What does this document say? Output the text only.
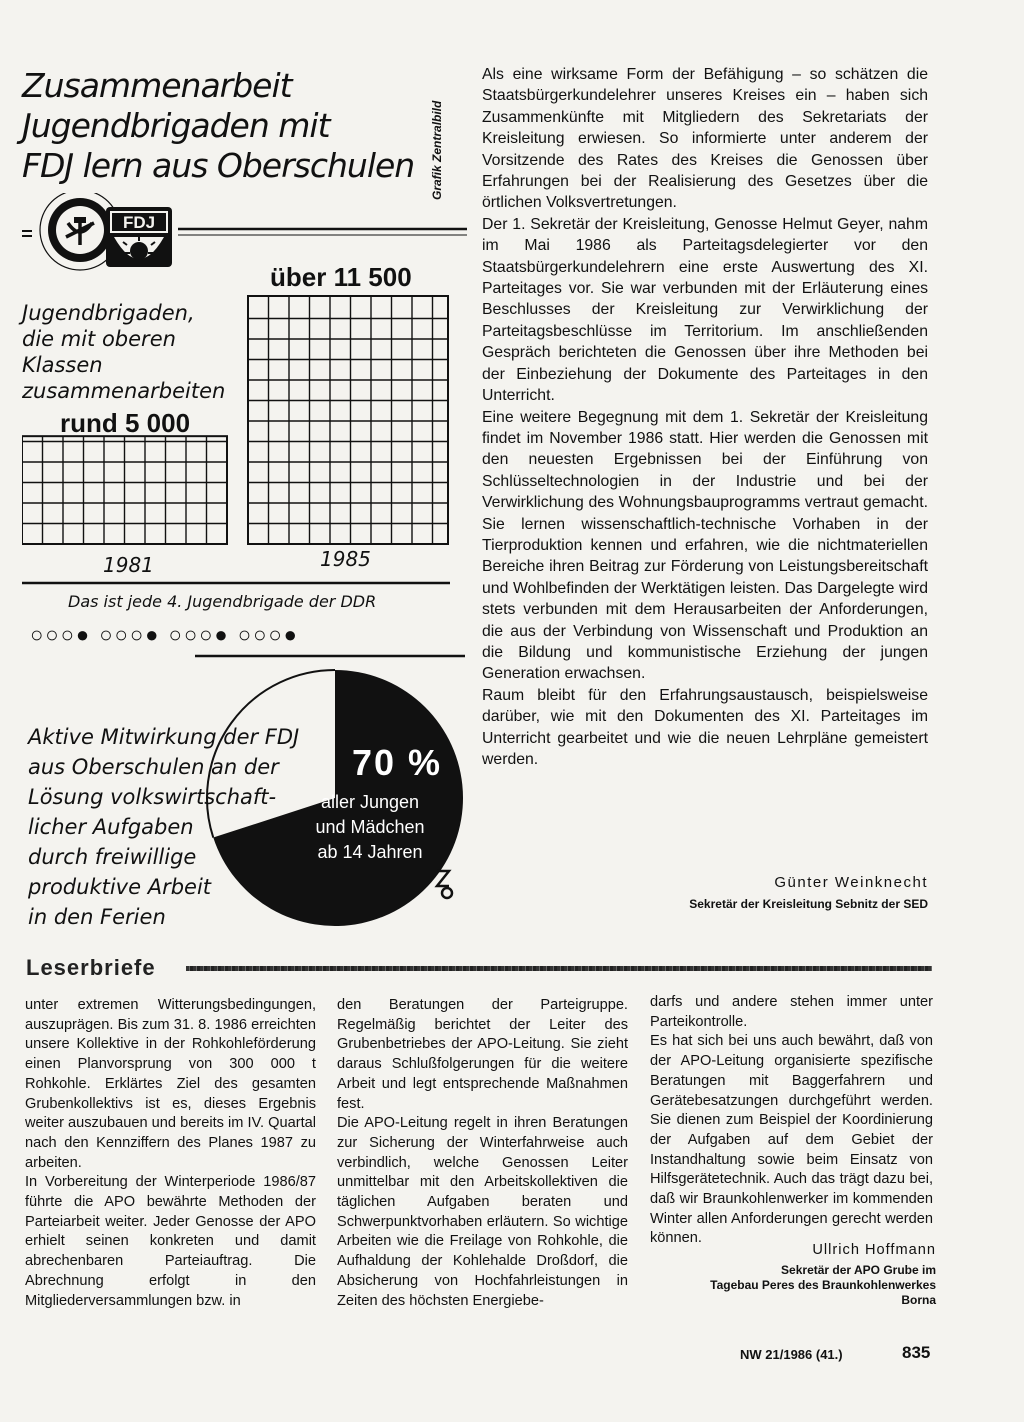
Zusammenarbeit
Jugendbrigaden mit
FDJ lern aus Oberschulen	Grafik Zentralbild
FDJ
Jugendbrigaden,
die mit oberen
Klassen
zusammenarbeiten
über 11 500
rund 5 000
1981	1985
Das ist jede 4. Jugendbrigade der DDR
○○○● ○○○● ○○○● ○○○●
Aktive Mitwirkung der FDJ
aus Oberschulen an der
Lösung volkswirtschaft-
licher Aufgaben
durch freiwillige
produktive Arbeit
in den Ferien
70 %
aller Jungen
und Mädchen
ab 14 Jahren

Als eine wirksame Form der Befähigung – so schätzen die Staatsbürgerkundelehrer unseres Kreises ein – haben sich Zusammenkünfte mit Mitgliedern des Sekretariats der Kreisleitung erwiesen. So informierte unter anderem der Vorsitzende des Rates des Kreises die Genossen über Erfahrungen bei der Realisierung des Gesetzes über die örtlichen Volksvertretungen.

Der 1. Sekretär der Kreisleitung, Genosse Helmut Geyer, nahm im Mai 1986 als Parteitagsdelegierter vor den Staatsbürgerkundelehrern eine erste Auswertung des XI. Parteitages vor. Sie war verbunden mit der Erläuterung eines Beschlusses der Kreisleitung zur Verwirklichung der Parteitagsbeschlüsse im Territorium. Im anschließenden Gespräch berichteten die Genossen über ihre Methoden bei der Einbeziehung der Dokumente des Parteitages in den Unterricht.

Eine weitere Begegnung mit dem 1. Sekretär der Kreisleitung findet im November 1986 statt. Hier werden die Genossen mit den neuesten Ergebnissen bei der Einführung von Schlüsseltechnologien in der Industrie und bei der Verwirklichung des Wohnungsbauprogramms vertraut gemacht. Sie lernen wissenschaftlich-technische Vorhaben in der Tierproduktion kennen und erfahren, wie die nichtmateriellen Bereiche ihren Beitrag zur Förderung von Leistungsbereitschaft und Wohlbefinden der Werktätigen leisten. Das Dargelegte wird stets verbunden mit dem Herausarbeiten der Anforderungen, die aus der Verbindung von Wissenschaft und Produktion an die Bildung und kommunistische Erziehung der jungen Generation erwachsen.

Raum bleibt für den Erfahrungsaustausch, beispielsweise darüber, wie mit den Dokumenten des XI. Parteitages im Unterricht gearbeitet und wie die neuen Lehrpläne gemeistert werden.

Günter Weinknecht
Sekretär der Kreisleitung Sebnitz der SED
Leserbriefe

unter extremen Witterungsbedingungen, auszuprägen. Bis zum 31. 8. 1986 erreichten unsere Kollektive in der Rohkohleförderung einen Planvorsprung von 300 000 t Rohkohle. Erklärtes Ziel des gesamten Grubenkollektivs ist es, dieses Ergebnis weiter auszubauen und bereits im IV. Quartal nach den Kennziffern des Planes 1987 zu arbeiten.

In Vorbereitung der Winterperiode 1986/87 führte die APO bewährte Methoden der Parteiarbeit weiter. Jeder Genosse der APO erhielt seinen konkreten und damit abrechenbaren Parteiauftrag. Die Abrechnung erfolgt in den Mitgliederversammlungen bzw. in

den Beratungen der Parteigruppe. Regelmäßig berichtet der Leiter des Grubenbetriebes der APO-Leitung. Sie zieht daraus Schlußfolgerungen für die weitere Arbeit und legt entsprechende Maßnahmen fest.

Die APO-Leitung regelt in ihren Beratungen zur Sicherung der Winterfahrweise auch verbindlich, welche Genossen Leiter unmittelbar mit den Arbeitskollektiven die täglichen Aufgaben beraten und Schwerpunktvorhaben erläutern. So wichtige Arbeiten wie die Freilage von Rohkohle, die Aufhaldung der Kohlehalde Droßdorf, die Absicherung von Hochfahrleistungen in Zeiten des höchsten Energiebe-

darfs und andere stehen immer unter Parteikontrolle.

Es hat sich bei uns auch bewährt, daß von der APO-Leitung organisierte spezifische Beratungen mit Baggerfahrern und Gerätebesatzungen durchgeführt werden. Sie dienen zum Beispiel der Koordinierung der Aufgaben auf dem Gebiet der Instandhaltung sowie beim Einsatz von Hilfsgerätetechnik. Auch das trägt dazu bei, daß wir Braunkohlenwerker im kommenden Winter allen Anforderungen gerecht werden können.

Ullrich Hoffmann
Sekretär der APO Grube im
Tagebau Peres des Braunkohlenwerkes
Borna
NW 21/1986 (41.)	835
